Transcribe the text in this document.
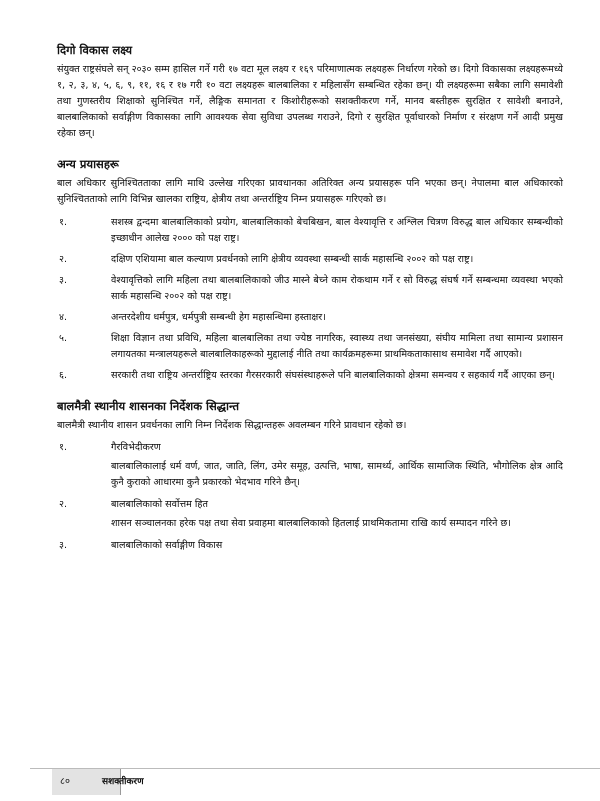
दिगो विकास लक्ष्य

संयुक्त राष्ट्रसंघले सन् २०३० सम्म हासिल गर्ने गरी १७ वटा मूल लक्ष्य र १६९ परिमाणात्मक लक्ष्यहरू निर्धारण गरेको छ। दिगो विकासका लक्ष्यहरूमध्ये १, २, ३, ४, ५, ६, ९, ११, १६ र १७ गरी १० वटा लक्ष्यहरू बालबालिका र महिलासँग सम्बन्धित रहेका छन्। यी लक्ष्यहरूमा सबैका लागि समावेशी तथा गुणस्तरीय शिक्षाको सुनिश्चित गर्ने, लैङ्गिक समानता र किशोरीहरूको सशक्तीकरण गर्ने, मानव बस्तीहरू सुरक्षित र सावेशी बनाउने, बालबालिकाको सर्वाङ्गीण विकासका लागि आवश्यक सेवा सुविधा उपलब्ध गराउने, दिगो र सुरक्षित पूर्वाधारको निर्माण र संरक्षण गर्ने आदी प्रमुख रहेका छन्।

अन्य प्रयासहरू

बाल अधिकार सुनिश्चितताका लागि माथि उल्लेख गरिएका प्रावधानका अतिरिक्त अन्य प्रयासहरू पनि भएका छन्। नेपालमा बाल अधिकारको सुनिश्चितताको लागि विभिन्न खालका राष्ट्रिय, क्षेत्रीय तथा अन्तर्राष्ट्रिय निम्न प्रयासहरू गरिएको छ।

१.	सशस्त्र द्वन्दमा बालबालिकाको प्रयोग, बालबालिकाको बेचबिखन, बाल वेश्यावृत्ति र अश्लिल चित्रण विरुद्ध बाल अधिकार सम्बन्धीको इच्छाधीन आलेख २००० को पक्ष राष्ट्र।
२.	दक्षिण एशियामा बाल कल्याण प्रवर्धनको लागि क्षेत्रीय व्यवस्था सम्बन्धी सार्क महासन्धि २००२ को पक्ष राष्ट्र।
३.	वेश्यावृत्तिको लागि महिला तथा बालबालिकाको जीउ मास्ने बेच्ने काम रोकथाम गर्ने र सो विरुद्ध संघर्ष गर्ने सम्बन्धमा व्यवस्था भएको सार्क महासन्धि २००२ को पक्ष राष्ट्र।
४.	अन्तरदेशीय धर्मपुत्र, धर्मपुत्री सम्बन्धी हेग महासन्धिमा हस्ताक्षर।
५.	शिक्षा विज्ञान तथा प्रविधि, महिला बालबालिका तथा ज्येष्ठ नागरिक, स्वास्थ्य तथा जनसंख्या, संघीय मामिला तथा सामान्य प्रशासन लगायतका मन्त्रालयहरूले बालबालिकाहरूको मुद्दालाई नीति तथा कार्यक्रमहरूमा प्राथमिकताकासाथ समावेश गर्दै आएको।
६.	सरकारी तथा राष्ट्रिय अन्तर्राष्ट्रिय स्तरका गैरसरकारी संघसंस्थाहरूले पनि बालबालिकाको क्षेत्रमा समन्वय र सहकार्य गर्दै आएका छन्।
बालमैत्री स्थानीय शासनका निर्देशक सिद्धान्त

बालमैत्री स्थानीय शासन प्रवर्धनका लागि निम्न निर्देशक सिद्धान्तहरू अवलम्बन गरिने प्रावधान रहेको छ।

१.	गैरविभेदीकरण
बालबालिकालाई धर्म वर्ण, जात, जाति, लिंग, उमेर समूह, उत्पत्ति, भाषा, सामर्थ्य, आर्थिक सामाजिक स्थिति, भौगोलिक क्षेत्र आदि कुनै कुराको आधारमा कुनै प्रकारको भेदभाव गरिने छैन्।
२.	बालबालिकाको सर्वोत्तम हित
शासन सञ्चालनका हरेक पक्ष तथा सेवा प्रवाहमा बालबालिकाको हितलाई प्राथमिकतामा राखि कार्य सम्पादन गरिने छ।
३.	बालबालिकाको सर्वाङ्गीण विकास
८०	सशक्तीकरण
